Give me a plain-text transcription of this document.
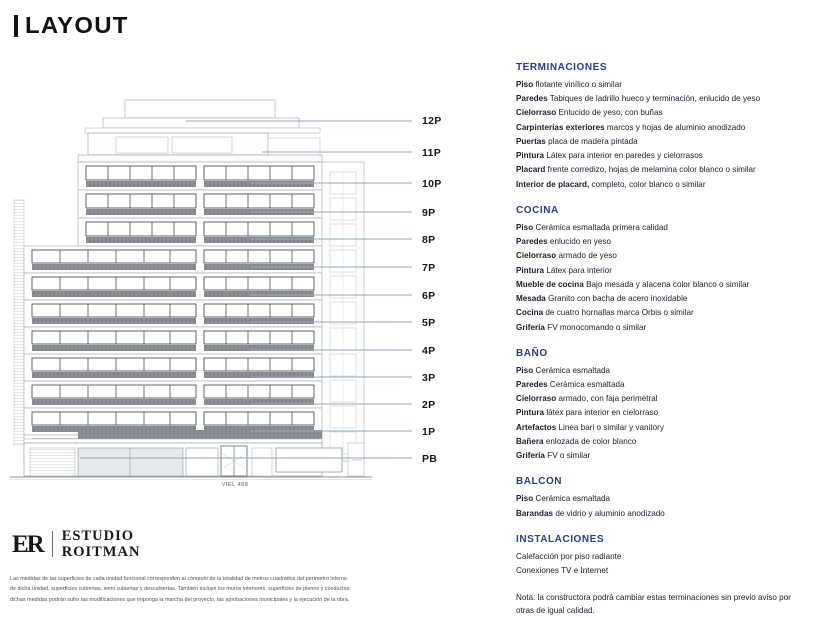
LAYOUT
12P
11P
10P
9P
8P
7P
6P
5P
4P
3P
2P
1P
PB
VIEL 488
ER ESTUDIO
ROITMAN
Las medidas de las superficies de cada unidad funcional corresponden al cómputo de la totalidad de metros cuadrados del perímetro interno
de dicha unidad, superficies cubiertas, semi cubiertas y descubiertas. También incluye los muros interiores, superficies de plenos y conductos;
dichas medidas podrán sufrir las modificaciones que imponga la marcha del proyecto, las aprobaciones municipales y la ejecución de la obra.
TERMINACIONES
Piso flotante vinílico o similar
Paredes Tabiques de ladrillo hueco y terminación, enlucido de yeso
Cielorraso Enlucido de yeso, con buñas
Carpinterías exteriores marcos y hojas de aluminio anodizado
Puertas placa de madera pintada
Pintura Látex para interior en paredes y cielorrasos
Placard frente corredizo, hojas de melamina color blanco o similar
Interior de placard, completo, color blanco o similar
COCINA
Piso Cerámica esmaltada primera calidad
Paredes enlucido en yeso
Cielorraso armado de yeso
Pintura Látex para interior
Mueble de cocina Bajo mesada y alacena color blanco o similar
Mesada Granito con bacha de acero inoxidable
Cocina de cuatro hornallas marca Orbis o similar
Grifería FV monocomando o similar
BAÑO
Piso Cerámica esmaltada
Paredes Cerámica esmaltada
Cielorraso armado, con faja perimetral
Pintura látex para interior en cielorraso
Artefactos Linea bari o similar y vanitory
Bañera enlozada de color blanco
Grifería FV o similar
BALCON
Piso Cerámica esmaltada
Barandas de vidrio y aluminio anodizado
INSTALACIONES
Calefacción por piso radiante
Conexiones TV e Internet
Nota: la constructora podrá cambiar estas terminaciones sin previo aviso por otras de igual calidad.
